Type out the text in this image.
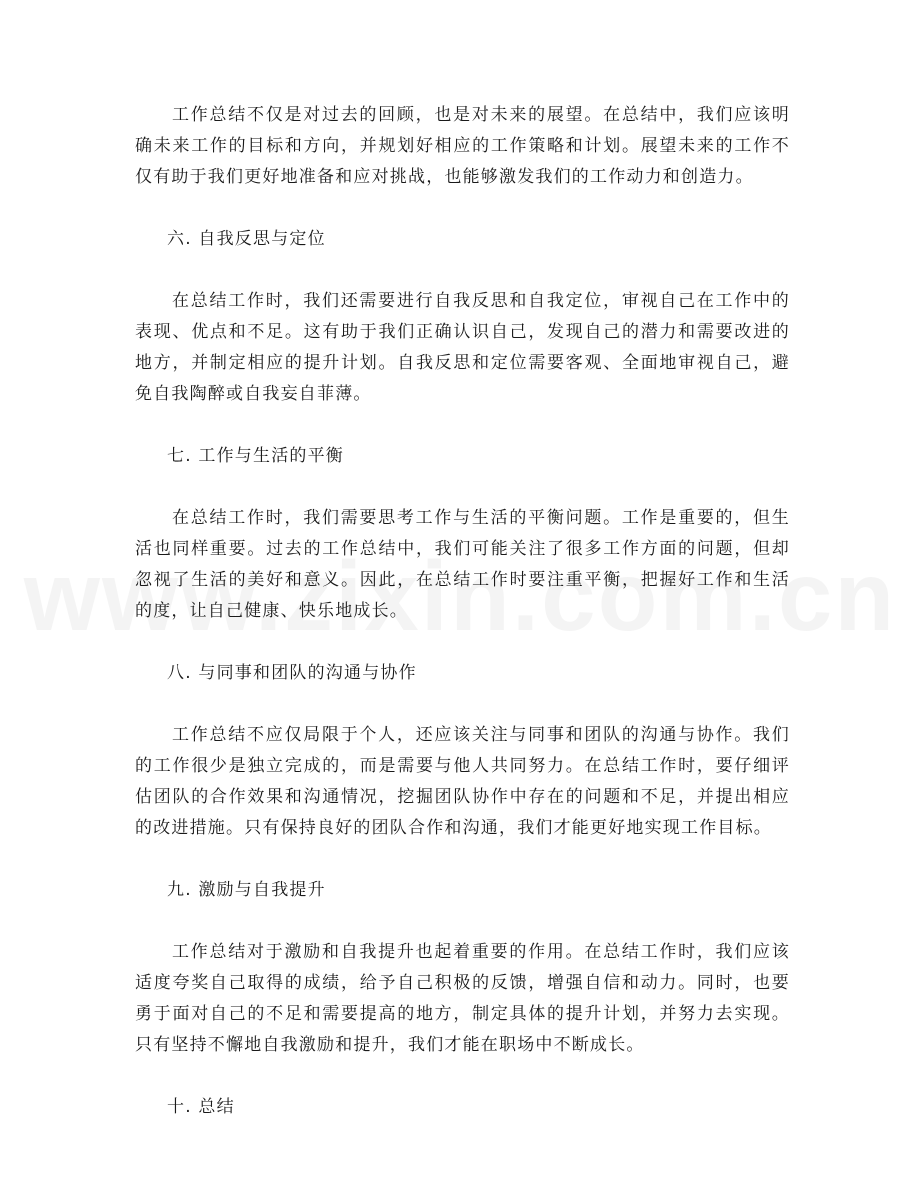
工作总结不仅是对过去的回顾，也是对未来的展望。在总结中，我们应该明确未来工作的目标和方向，并规划好相应的工作策略和计划。展望未来的工作不仅有助于我们更好地准备和应对挑战，也能够激发我们的工作动力和创造力。

六. 自我反思与定位

在总结工作时，我们还需要进行自我反思和自我定位，审视自己在工作中的表现、优点和不足。这有助于我们正确认识自己，发现自己的潜力和需要改进的地方，并制定相应的提升计划。自我反思和定位需要客观、全面地审视自己，避免自我陶醉或自我妄自菲薄。

七. 工作与生活的平衡

在总结工作时，我们需要思考工作与生活的平衡问题。工作是重要的，但生活也同样重要。过去的工作总结中，我们可能关注了很多工作方面的问题，但却忽视了生活的美好和意义。因此，在总结工作时要注重平衡，把握好工作和生活的度，让自己健康、快乐地成长。

八. 与同事和团队的沟通与协作

工作总结不应仅局限于个人，还应该关注与同事和团队的沟通与协作。我们的工作很少是独立完成的，而是需要与他人共同努力。在总结工作时，要仔细评估团队的合作效果和沟通情况，挖掘团队协作中存在的问题和不足，并提出相应的改进措施。只有保持良好的团队合作和沟通，我们才能更好地实现工作目标。

九. 激励与自我提升

工作总结对于激励和自我提升也起着重要的作用。在总结工作时，我们应该适度夸奖自己取得的成绩，给予自己积极的反馈，增强自信和动力。同时，也要勇于面对自己的不足和需要提高的地方，制定具体的提升计划，并努力去实现。只有坚持不懈地自我激励和提升，我们才能在职场中不断成长。

十. 总结
